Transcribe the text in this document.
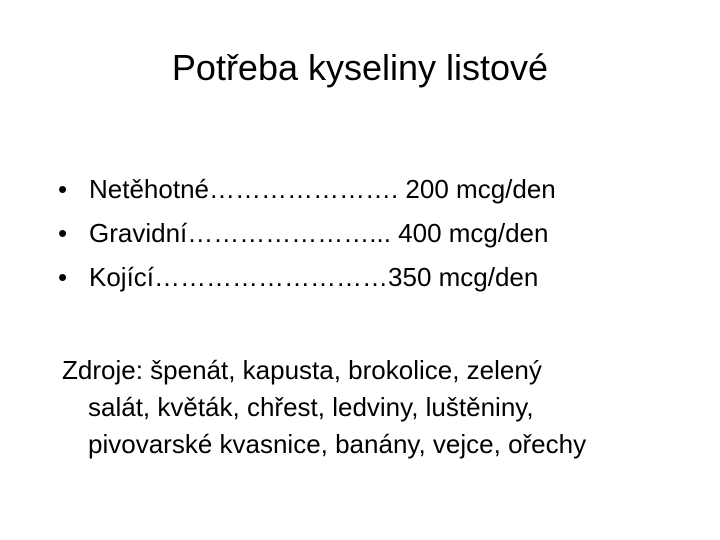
Potřeba kyseliny listové
• Netěhotné…………………. 200 mcg/den
• Gravidní…………………... 400 mcg/den
• Kojící………………………350 mcg/den
Zdroje: špenát, kapusta, brokolice, zelený
salát, květák, chřest, ledviny, luštěniny,
pivovarské kvasnice, banány, vejce, ořechy
